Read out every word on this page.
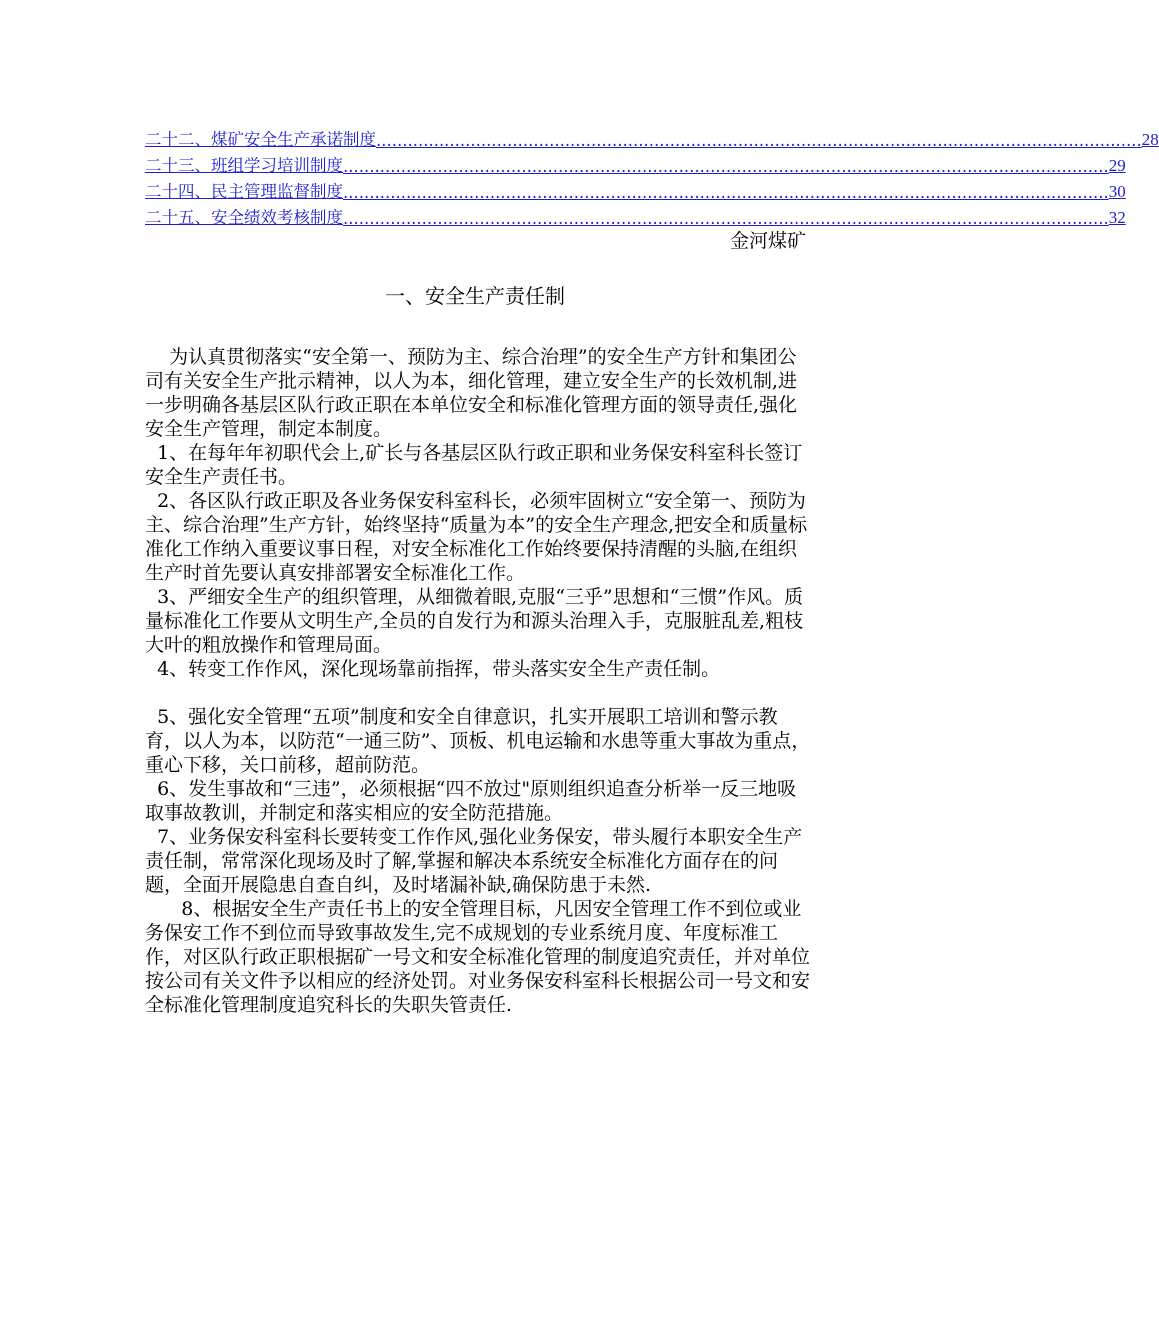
二十二、煤矿安全生产承诺制度 .................................................................................................................................................. 28
二十三、班组学习培训制度 .................................................................................................................................................. 29
二十四、民主管理监督制度 .................................................................................................................................................. 30
二十五、安全绩效考核制度 .................................................................................................................................................. 32
金河煤矿
一、安全生产责任制

为认真贯彻落实“安全第一、预防为主、综合治理”的安全生产方针和集团公司有关安全生产批示精神，以人为本，细化管理，建立安全生产的长效机制,进一步明确各基层区队行政正职在本单位安全和标准化管理方面的领导责任,强化安全生产管理，制定本制度。

1、在每年年初职代会上,矿长与各基层区队行政正职和业务保安科室科长签订安全生产责任书。

2、各区队行政正职及各业务保安科室科长，必须牢固树立“安全第一、预防为主、综合治理”生产方针，始终坚持“质量为本”的安全生产理念,把安全和质量标准化工作纳入重要议事日程，对安全标准化工作始终要保持清醒的头脑,在组织生产时首先要认真安排部署安全标准化工作。

3、严细安全生产的组织管理，从细微着眼,克服“三乎”思想和“三惯”作风。质量标准化工作要从文明生产,全员的自发行为和源头治理入手，克服脏乱差,粗枝大叶的粗放操作和管理局面。

4、转变工作作风，深化现场靠前指挥，带头落实安全生产责任制。

5、强化安全管理“五项”制度和安全自律意识，扎实开展职工培训和警示教育，以人为本，以防范“一通三防”、顶板、机电运输和水患等重大事故为重点，重心下移，关口前移，超前防范。

6、发生事故和“三违”，必须根据“四不放过"原则组织追查分析举一反三地吸取事故教训，并制定和落实相应的安全防范措施。

7、业务保安科室科长要转变工作作风,强化业务保安，带头履行本职安全生产责任制，常常深化现场及时了解,掌握和解决本系统安全标准化方面存在的问题，全面开展隐患自查自纠，及时堵漏补缺,确保防患于未然.

8、根据安全生产责任书上的安全管理目标，凡因安全管理工作不到位或业务保安工作不到位而导致事故发生,完不成规划的专业系统月度、年度标准工作，对区队行政正职根据矿一号文和安全标准化管理的制度追究责任，并对单位按公司有关文件予以相应的经济处罚。对业务保安科室科长根据公司一号文和安全标准化管理制度追究科长的失职失管责任.
